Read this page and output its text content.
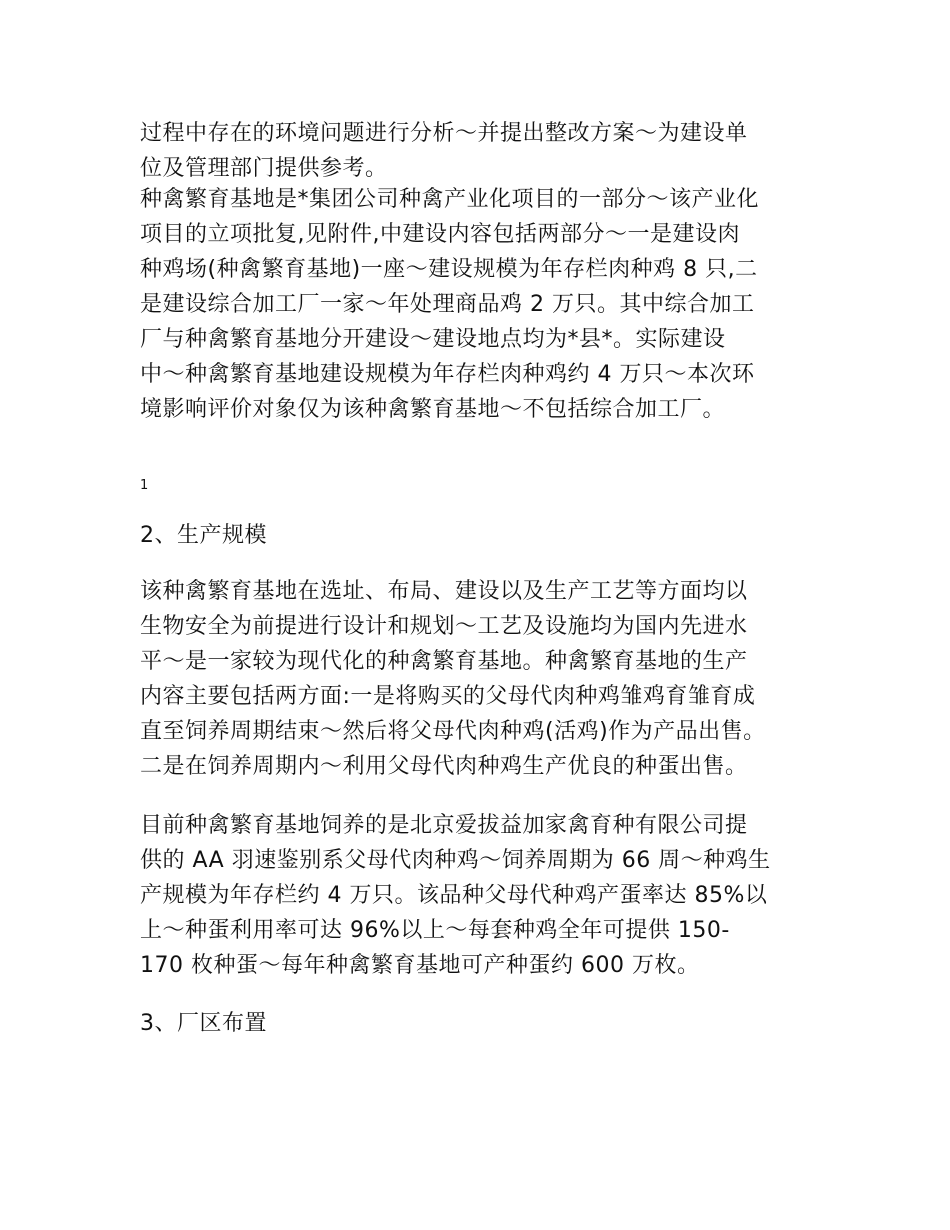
过程中存在的环境问题进行分析～并提出整改方案～为建设单
位及管理部门提供参考。
种禽繁育基地是*集团公司种禽产业化项目的一部分～该产业化
项目的立项批复,见附件,中建设内容包括两部分～一是建设肉
种鸡场(种禽繁育基地)一座～建设规模为年存栏肉种鸡 8 只,二
是建设综合加工厂一家～年处理商品鸡 2 万只。其中综合加工
厂与种禽繁育基地分开建设～建设地点均为*县*。实际建设
中～种禽繁育基地建设规模为年存栏肉种鸡约 4 万只～本次环
境影响评价对象仅为该种禽繁育基地～不包括综合加工厂。
1
2、生产规模
该种禽繁育基地在选址、布局、建设以及生产工艺等方面均以
生物安全为前提进行设计和规划～工艺及设施均为国内先进水
平～是一家较为现代化的种禽繁育基地。种禽繁育基地的生产
内容主要包括两方面:一是将购买的父母代肉种鸡雏鸡育雏育成
直至饲养周期结束～然后将父母代肉种鸡(活鸡)作为产品出售。
二是在饲养周期内～利用父母代肉种鸡生产优良的种蛋出售。
目前种禽繁育基地饲养的是北京爱拔益加家禽育种有限公司提
供的 AA 羽速鉴别系父母代肉种鸡～饲养周期为 66 周～种鸡生
产规模为年存栏约 4 万只。该品种父母代种鸡产蛋率达 85%以
上～种蛋利用率可达 96%以上～每套种鸡全年可提供 150-
170 枚种蛋～每年种禽繁育基地可产种蛋约 600 万枚。
3、厂区布置
